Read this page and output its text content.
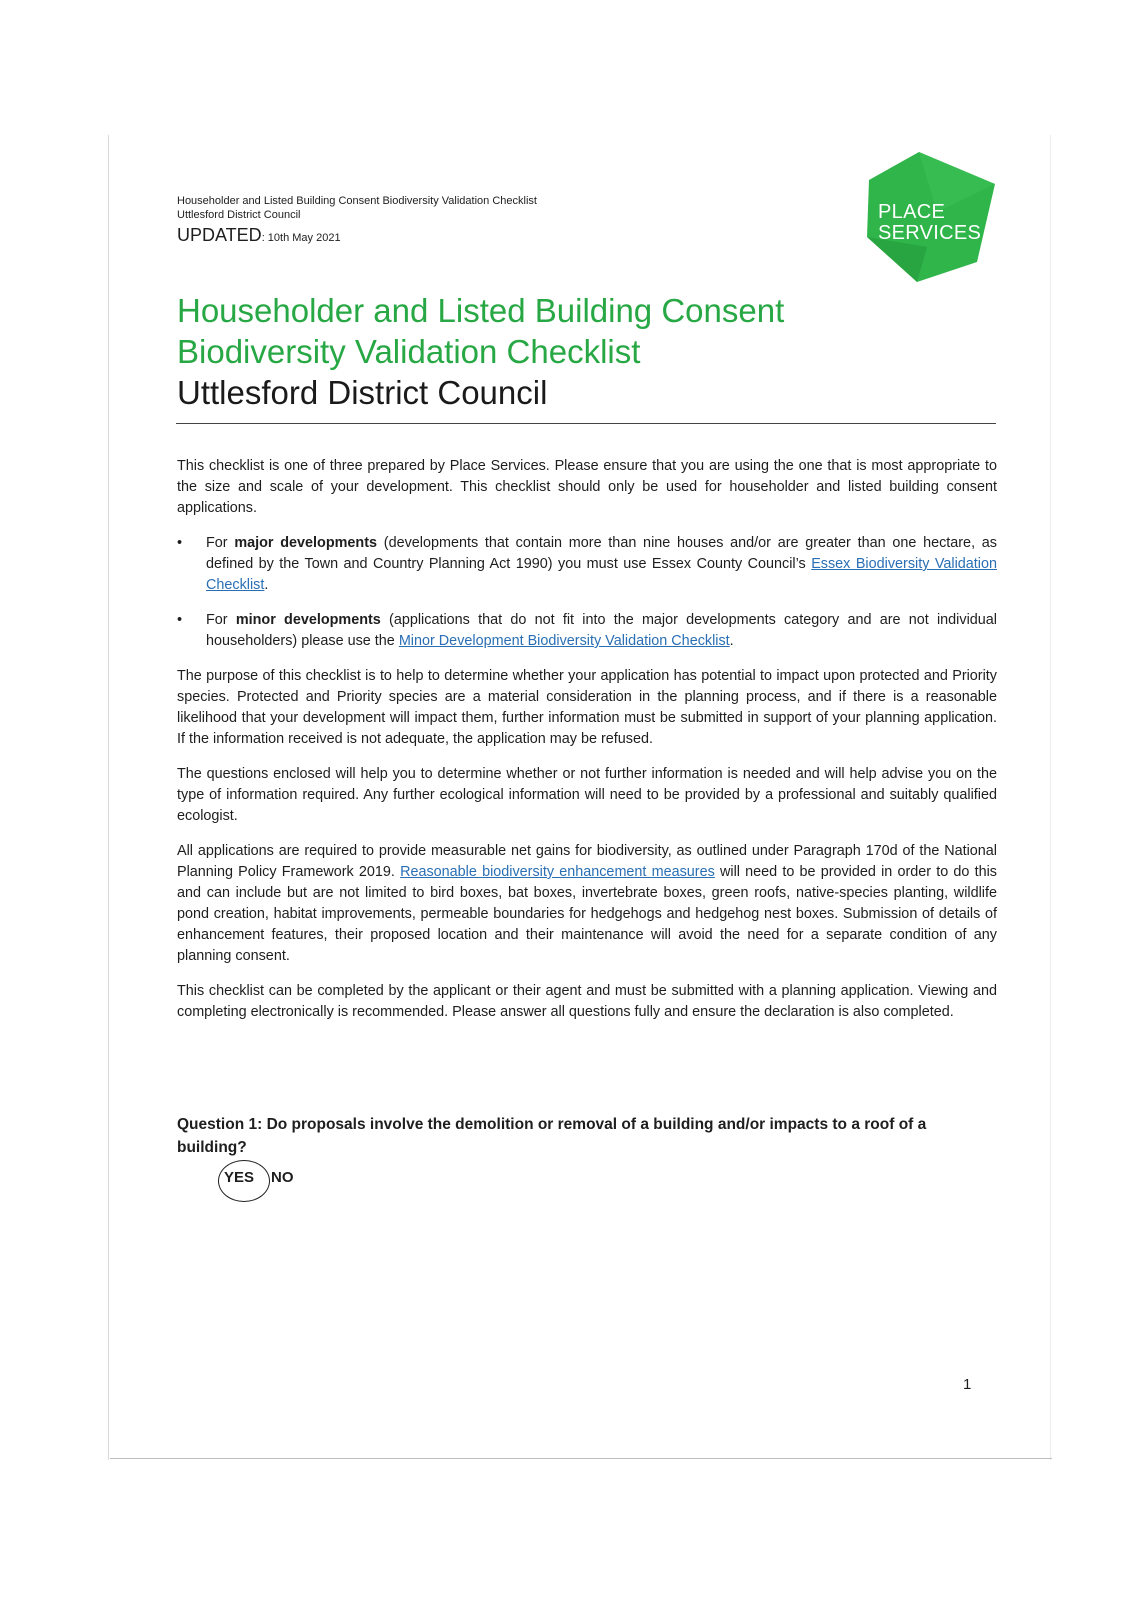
Householder and Listed Building Consent Biodiversity Validation Checklist
Uttlesford District Council
UPDATED: 10th May 2021
PLACE
SERVICES
Householder and Listed Building Consent
Biodiversity Validation Checklist
Uttlesford District Council

This checklist is one of three prepared by Place Services. Please ensure that you are using the one that is most appropriate to the size and scale of your development. This checklist should only be used for householder and listed building consent applications.

• For major developments (developments that contain more than nine houses and/or are greater than one hectare, as defined by the Town and Country Planning Act 1990) you must use Essex County Council’s Essex Biodiversity Validation Checklist.
• For minor developments (applications that do not fit into the major developments category and are not individual householders) please use the Minor Development Biodiversity Validation Checklist.

The purpose of this checklist is to help to determine whether your application has potential to impact upon protected and Priority species. Protected and Priority species are a material consideration in the planning process, and if there is a reasonable likelihood that your development will impact them, further information must be submitted in support of your planning application. If the information received is not adequate, the application may be refused.

The questions enclosed will help you to determine whether or not further information is needed and will help advise you on the type of information required. Any further ecological information will need to be provided by a professional and suitably qualified ecologist.

All applications are required to provide measurable net gains for biodiversity, as outlined under Paragraph 170d of the National Planning Policy Framework 2019. Reasonable biodiversity enhancement measures will need to be provided in order to do this and can include but are not limited to bird boxes, bat boxes, invertebrate boxes, green roofs, native-species planting, wildlife pond creation, habitat improvements, permeable boundaries for hedgehogs and hedgehog nest boxes. Submission of details of enhancement features, their proposed location and their maintenance will avoid the need for a separate condition of any planning consent.

This checklist can be completed by the applicant or their agent and must be submitted with a planning application. Viewing and completing electronically is recommended. Please answer all questions fully and ensure the declaration is also completed.

Question 1: Do proposals involve the demolition or removal of a building and/or impacts to a roof of a building?
YES NO
1
